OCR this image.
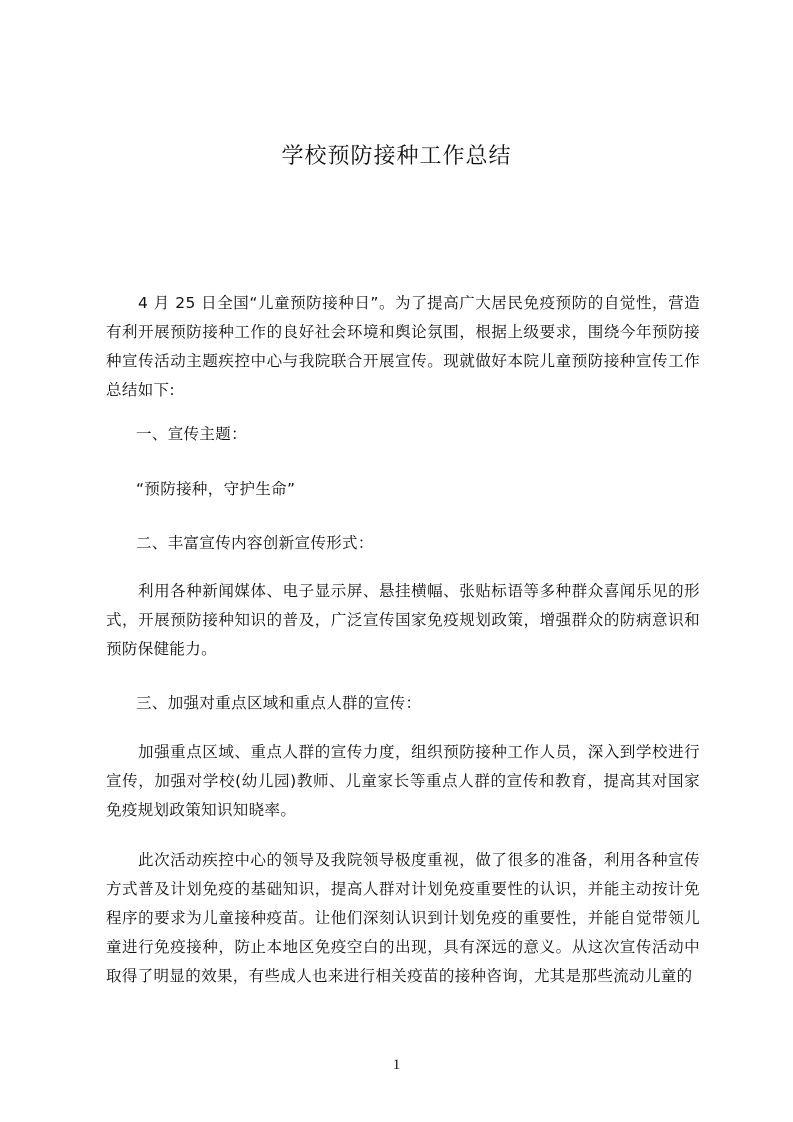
学校预防接种工作总结
4 月 25 日全国“儿童预防接种日”。为了提高广大居民免疫预防的自觉性，营造有利开展预防接种工作的良好社会环境和舆论氛围，根据上级要求，围绕今年预防接种宣传活动主题疾控中心与我院联合开展宣传。现就做好本院儿童预防接种宣传工作总结如下:
一、宣传主题：
“预防接种，守护生命”
二、丰富宣传内容创新宣传形式：
利用各种新闻媒体、电子显示屏、悬挂横幅、张贴标语等多种群众喜闻乐见的形式，开展预防接种知识的普及，广泛宣传国家免疫规划政策，增强群众的防病意识和预防保健能力。
三、加强对重点区域和重点人群的宣传：
加强重点区域、重点人群的宣传力度，组织预防接种工作人员，深入到学校进行宣传，加强对学校(幼儿园)教师、儿童家长等重点人群的宣传和教育，提高其对国家免疫规划政策知识知晓率。
此次活动疾控中心的领导及我院领导极度重视，做了很多的准备，利用各种宣传方式普及计划免疫的基础知识，提高人群对计划免疫重要性的认识，并能主动按计免程序的要求为儿童接种疫苗。让他们深刻认识到计划免疫的重要性，并能自觉带领儿童进行免疫接种，防止本地区免疫空白的出现，具有深远的意义。从这次宣传活动中取得了明显的效果，有些成人也来进行相关疫苗的接种咨询，尤其是那些流动儿童的
1
